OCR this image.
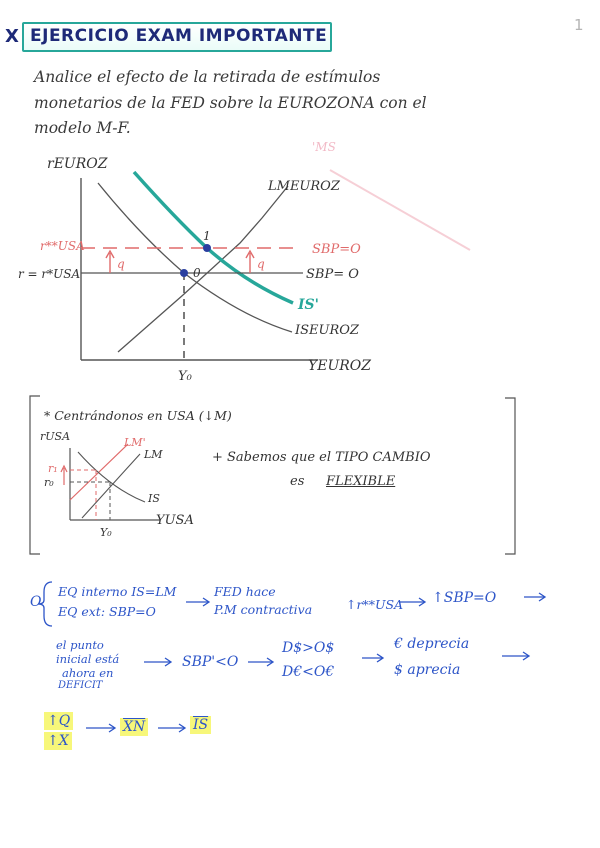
X EJERCICIO EXAM IMPORTANTE
1
Analice el efecto de la retirada de estímulos
monetarios de la FED sobre la EUROZONA con el
modelo M-F.
'MS
rEUROZ
YEUROZ
LMEUROZ
ISEUROZ
IS'
SBP=O
SBP= O
r**USA
r = r*USA
Y₀
0
1
q	q
rUSA
YUSA
LM'
LM
IS
r₁
r₀
Y₀
* Centrándonos en USA (↓M)
+ Sabemos que el TIPO CAMBIO
es FLEXIBLE
O
EQ interno IS=LM
EQ ext: SBP=O
FED hace
P.M contractiva	↑r**USA ↑SBP=O
el punto
inicial está
ahora en
DEFICIT
SBP'<O
D$>O$
D€<O€
€ deprecia
$ aprecia
↑Q
↑X
$\overline{XN}$	$\overline{IS}$
